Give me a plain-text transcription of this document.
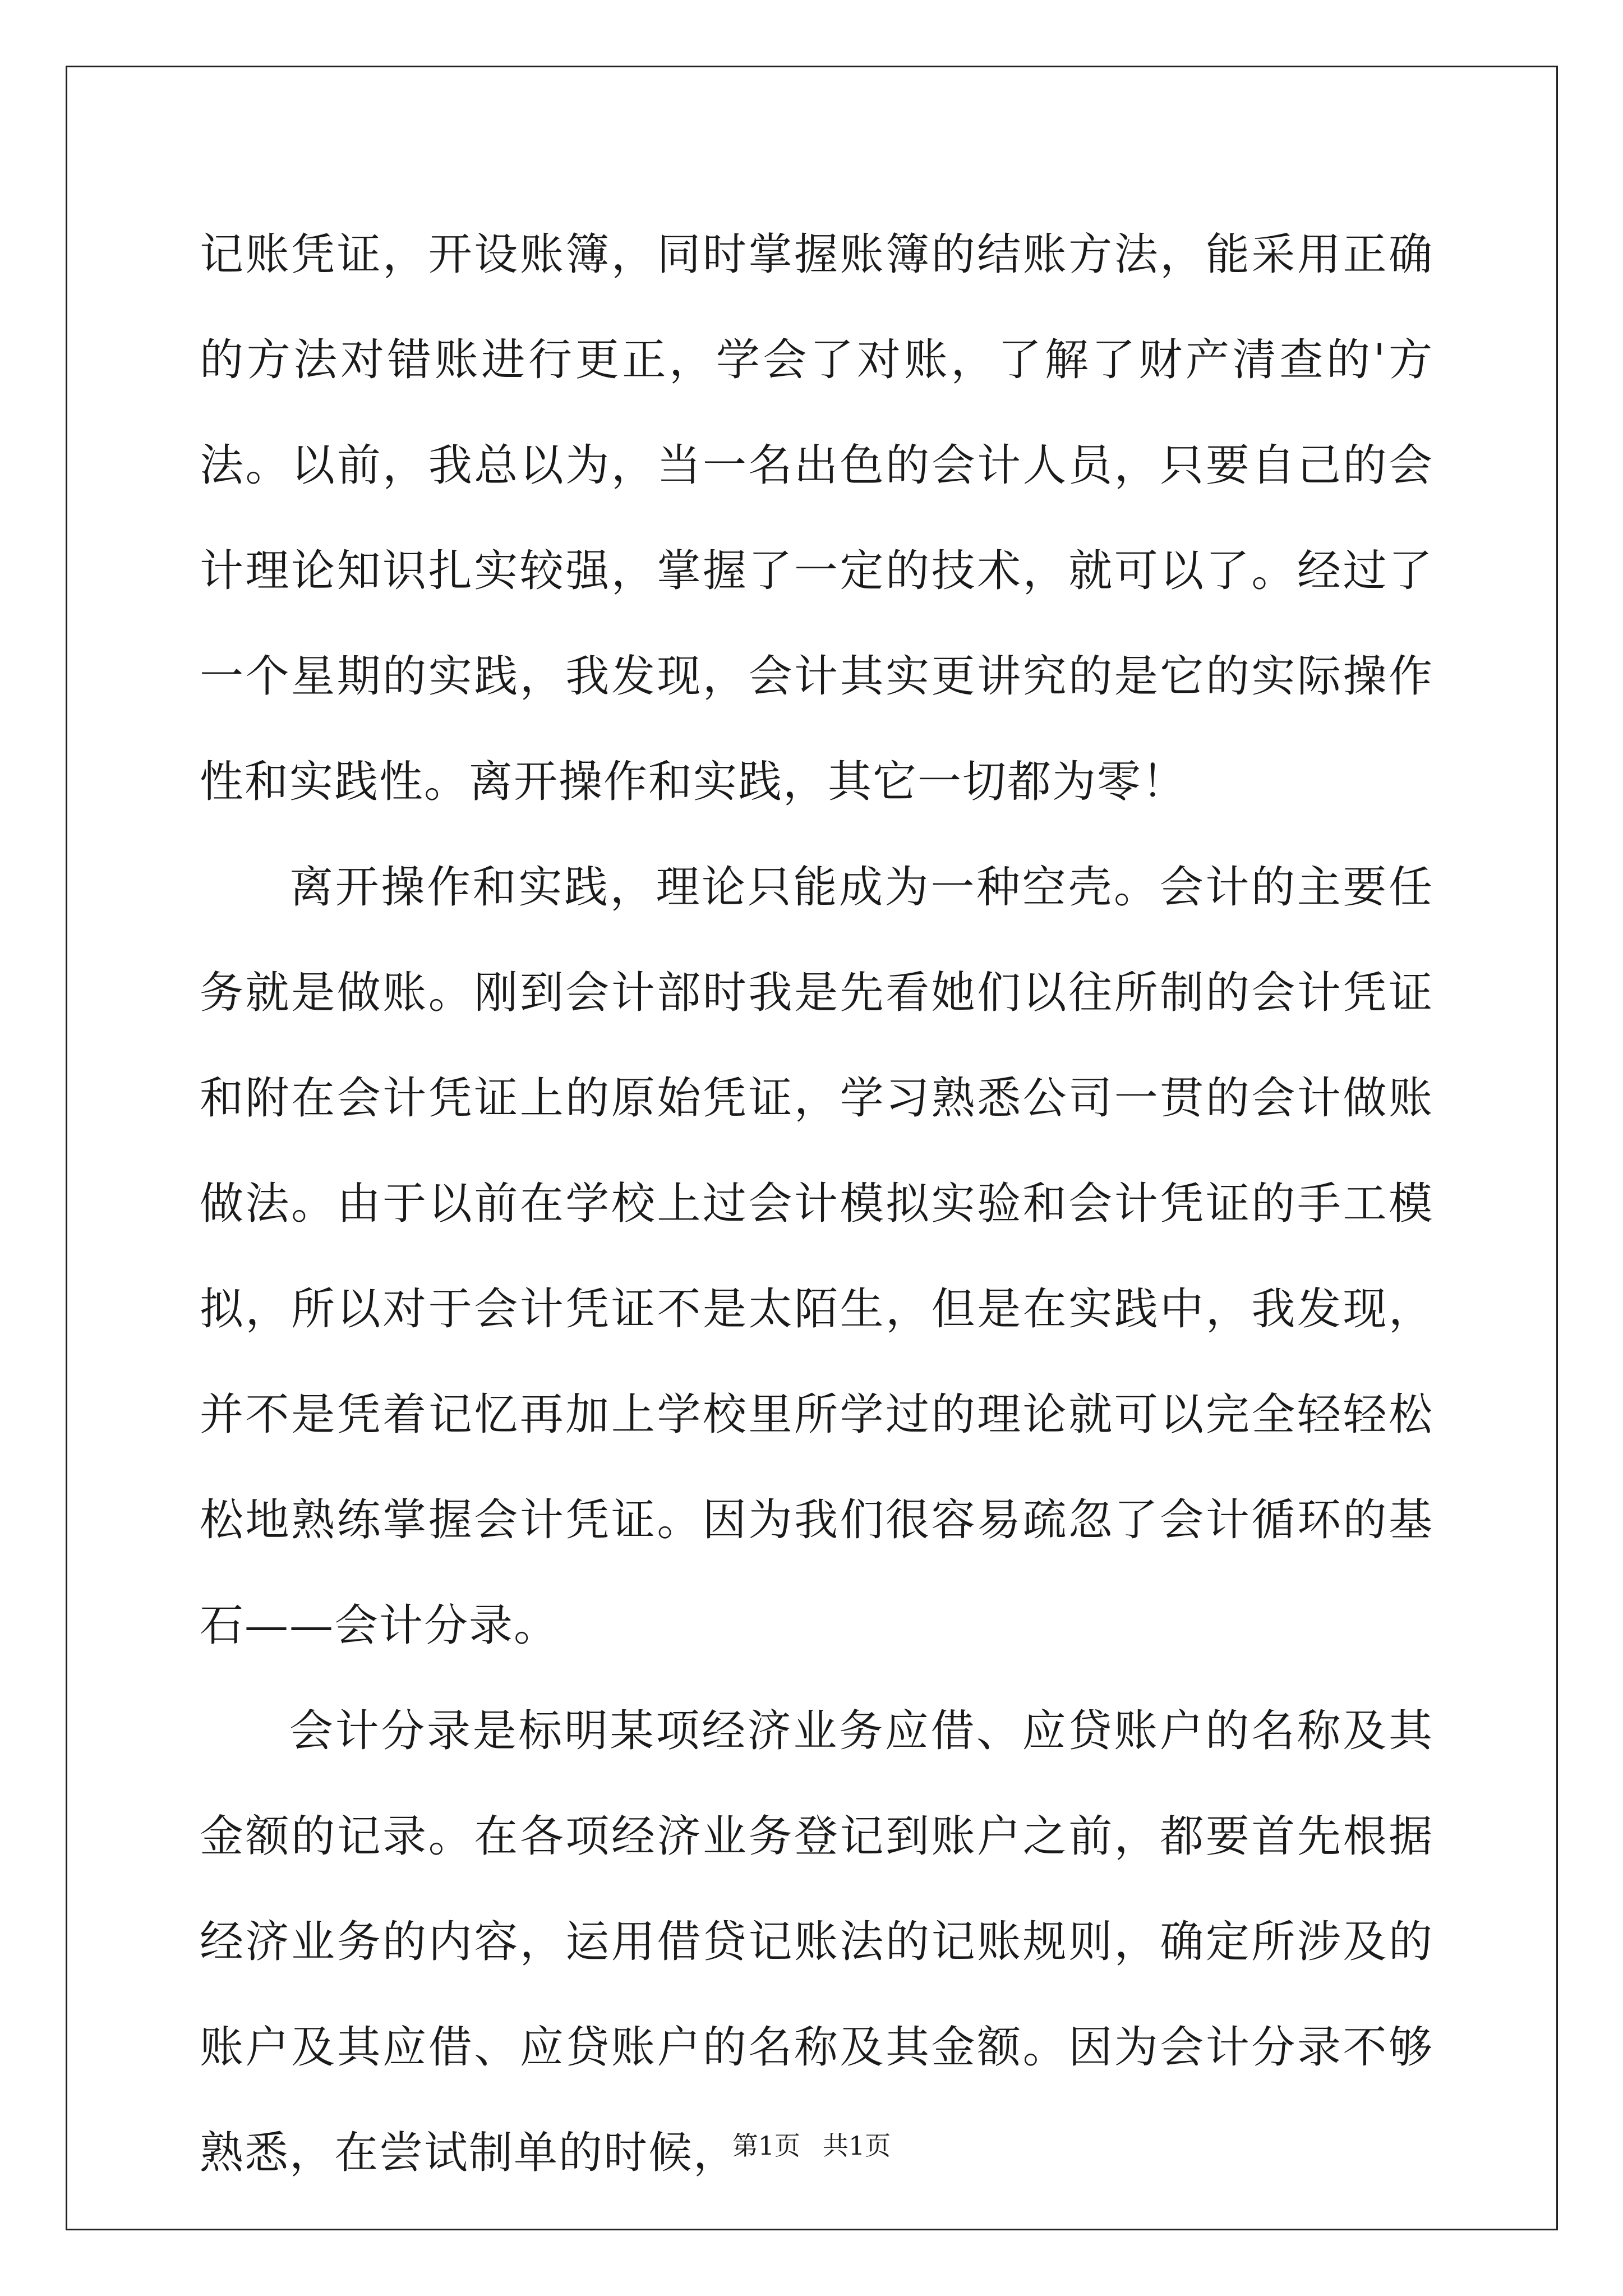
记账凭证，开设账簿，同时掌握账簿的结账方法，能采用正确的方法对错账进行更正，学会了对账，了解了财产清查的'方法。以前，我总以为，当一名出色的会计人员，只要自己的会计理论知识扎实较强，掌握了一定的技术，就可以了。经过了一个星期的实践，我发现，会计其实更讲究的是它的实际操作性和实践性。离开操作和实践，其它一切都为零！

离开操作和实践，理论只能成为一种空壳。会计的主要任务就是做账。刚到会计部时我是先看她们以往所制的会计凭证和附在会计凭证上的原始凭证，学习熟悉公司一贯的会计做账做法。由于以前在学校上过会计模拟实验和会计凭证的手工模拟，所以对于会计凭证不是太陌生，但是在实践中，我发现，并不是凭着记忆再加上学校里所学过的理论就可以完全轻轻松松地熟练掌握会计凭证。因为我们很容易疏忽了会计循环的基石——会计分录。

会计分录是标明某项经济业务应借、应贷账户的名称及其金额的记录。在各项经济业务登记到账户之前，都要首先根据经济业务的内容，运用借贷记账法的记账规则，确定所涉及的账户及其应借、应贷账户的名称及其金额。因为会计分录不够熟悉，在尝试制单的时候，

第1页 共1页
